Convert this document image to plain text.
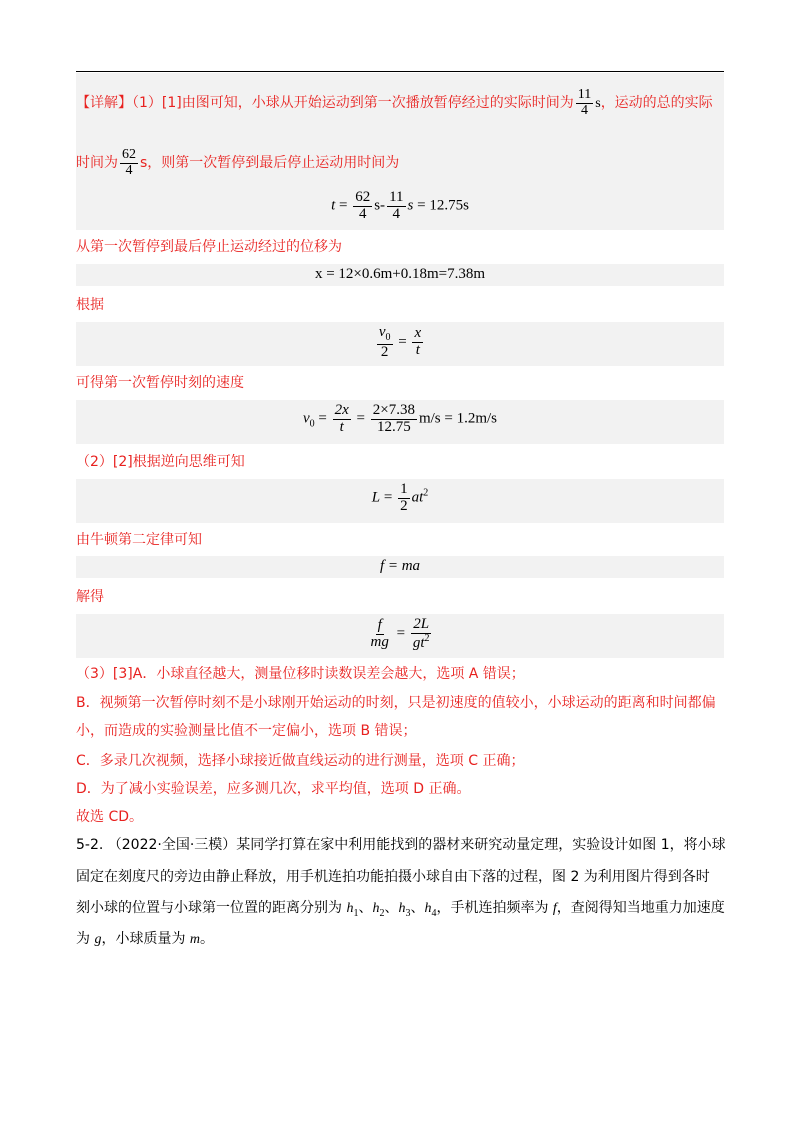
【详解】（1）[1]由图可知，小球从开始运动到第一次播放暂停经过的实际时间为 $\frac{11}{4}$ s，运动的总的实际
时间为 $\frac{62}{4}$ s，则第一次暂停到最后停止运动用时间为
$t = \frac{62}{4} s- \frac{11}{4}$ s = 12.75s
从第一次暂停到最后停止运动经过的位移为
x = 12×0.6m+0.18m=7.38m
根据
$\frac{v_0}{2} = \frac{x}{t}$
可得第一次暂停时刻的速度
$v_0 = \frac{2x}{t} = \frac{2\times 7.38}{12.75} m/s = 1.2m/s$
（2）[2]根据逆向思维可知
$L = \frac{1}{2} at^2$
由牛顿第二定律可知
f = ma
解得
$\frac{f}{mg} = \frac{2L}{gt^2}$
（3）[3]A．小球直径越大，测量位移时读数误差会越大，选项 A 错误；
B．视频第一次暂停时刻不是小球刚开始运动的时刻，只是初速度的值较小，小球运动的距离和时间都偏
小，而造成的实验测量比值不一定偏小，选项 B 错误；
C．多录几次视频，选择小球接近做直线运动的进行测量，选项 C 正确；
D．为了减小实验误差，应多测几次，求平均值，选项 D 正确。
故选 CD。
5-2. （2022·全国·三模）某同学打算在家中利用能找到的器材来研究动量定理，实验设计如图 1，将小球
固定在刻度尺的旁边由静止释放，用手机连拍功能拍摄小球自由下落的过程，图 2 为利用图片得到各时
刻小球的位置与小球第一位置的距离分别为 $h_1$、$h_2$、$h_3$、$h_4$，手机连拍频率为 f，查阅得知当地重力加速度
为 g，小球质量为 m。
